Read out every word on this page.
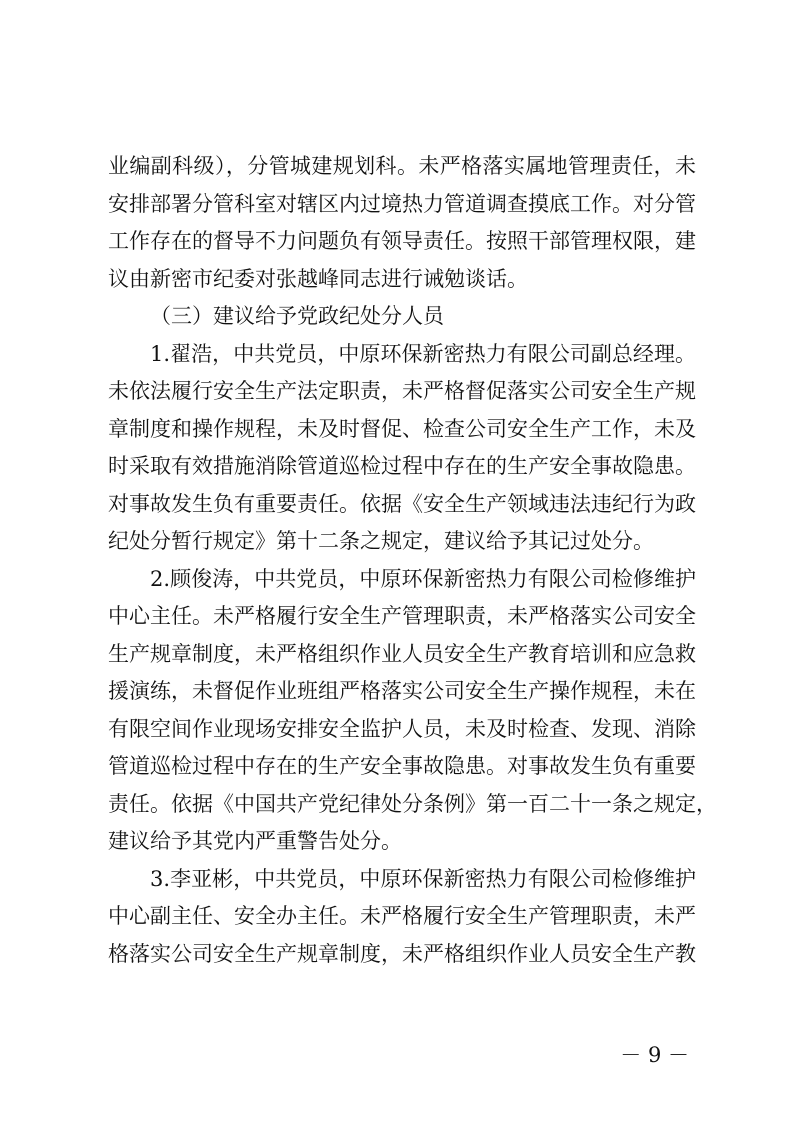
业编副科级），分管城建规划科。未严格落实属地管理责任，未
安排部署分管科室对辖区内过境热力管道调查摸底工作。对分管
工作存在的督导不力问题负有领导责任。按照干部管理权限，建
议由新密市纪委对张越峰同志进行诫勉谈话。
（三）建议给予党政纪处分人员
1.翟浩，中共党员，中原环保新密热力有限公司副总经理。
未依法履行安全生产法定职责，未严格督促落实公司安全生产规
章制度和操作规程，未及时督促、检查公司安全生产工作，未及
时采取有效措施消除管道巡检过程中存在的生产安全事故隐患。
对事故发生负有重要责任。依据《安全生产领域违法违纪行为政
纪处分暂行规定》第十二条之规定，建议给予其记过处分。
2.顾俊涛，中共党员，中原环保新密热力有限公司检修维护
中心主任。未严格履行安全生产管理职责，未严格落实公司安全
生产规章制度，未严格组织作业人员安全生产教育培训和应急救
援演练，未督促作业班组严格落实公司安全生产操作规程，未在
有限空间作业现场安排安全监护人员，未及时检查、发现、消除
管道巡检过程中存在的生产安全事故隐患。对事故发生负有重要
责任。依据《中国共产党纪律处分条例》第一百二十一条之规定，
建议给予其党内严重警告处分。
3.李亚彬，中共党员，中原环保新密热力有限公司检修维护
中心副主任、安全办主任。未严格履行安全生产管理职责，未严
格落实公司安全生产规章制度，未严格组织作业人员安全生产教
－ 9 －
